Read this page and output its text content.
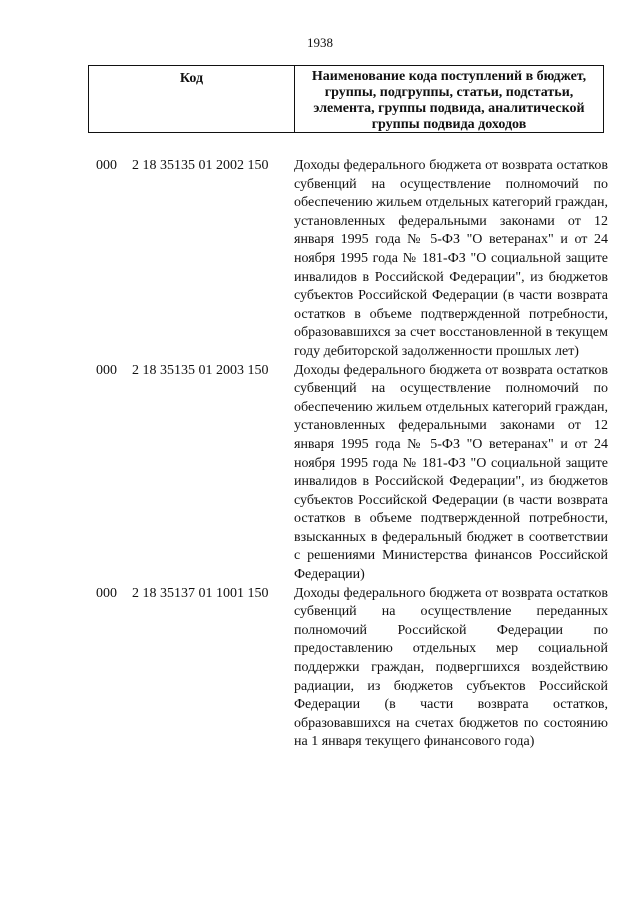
1938
Код	Наименование кода поступлений в бюджет, группы, подгруппы, статьи, подстатьи, элемента, группы подвида, аналитической группы подвида доходов
000	2 18 35135 01 2002 150	Доходы федерального бюджета от возврата остатков субвенций на осуществление полномочий по обеспечению жильем отдельных категорий граждан, установленных федеральными законами от 12 января 1995 года № 5-ФЗ "О ветеранах" и от 24 ноября 1995 года № 181-ФЗ "О социальной защите инвалидов в Российской Федерации", из бюджетов субъектов Российской Федерации (в части возврата остатков в объеме подтвержденной потребности, образовавшихся за счет восстановленной в текущем году дебиторской задолженности прошлых лет)
000	2 18 35135 01 2003 150	Доходы федерального бюджета от возврата остатков субвенций на осуществление полномочий по обеспечению жильем отдельных категорий граждан, установленных федеральными законами от 12 января 1995 года № 5-ФЗ "О ветеранах" и от 24 ноября 1995 года № 181-ФЗ "О социальной защите инвалидов в Российской Федерации", из бюджетов субъектов Российской Федерации (в части возврата остатков в объеме подтвержденной потребности, взысканных в федеральный бюджет в соответствии с решениями Министерства финансов Российской Федерации)
000	2 18 35137 01 1001 150	Доходы федерального бюджета от возврата остатков субвенций на осуществление переданных полномочий Российской Федерации по предоставлению отдельных мер социальной поддержки граждан, подвергшихся воздействию радиации, из бюджетов субъектов Российской Федерации (в части возврата остатков, образовавшихся на счетах бюджетов по состоянию на 1 января текущего финансового года)
